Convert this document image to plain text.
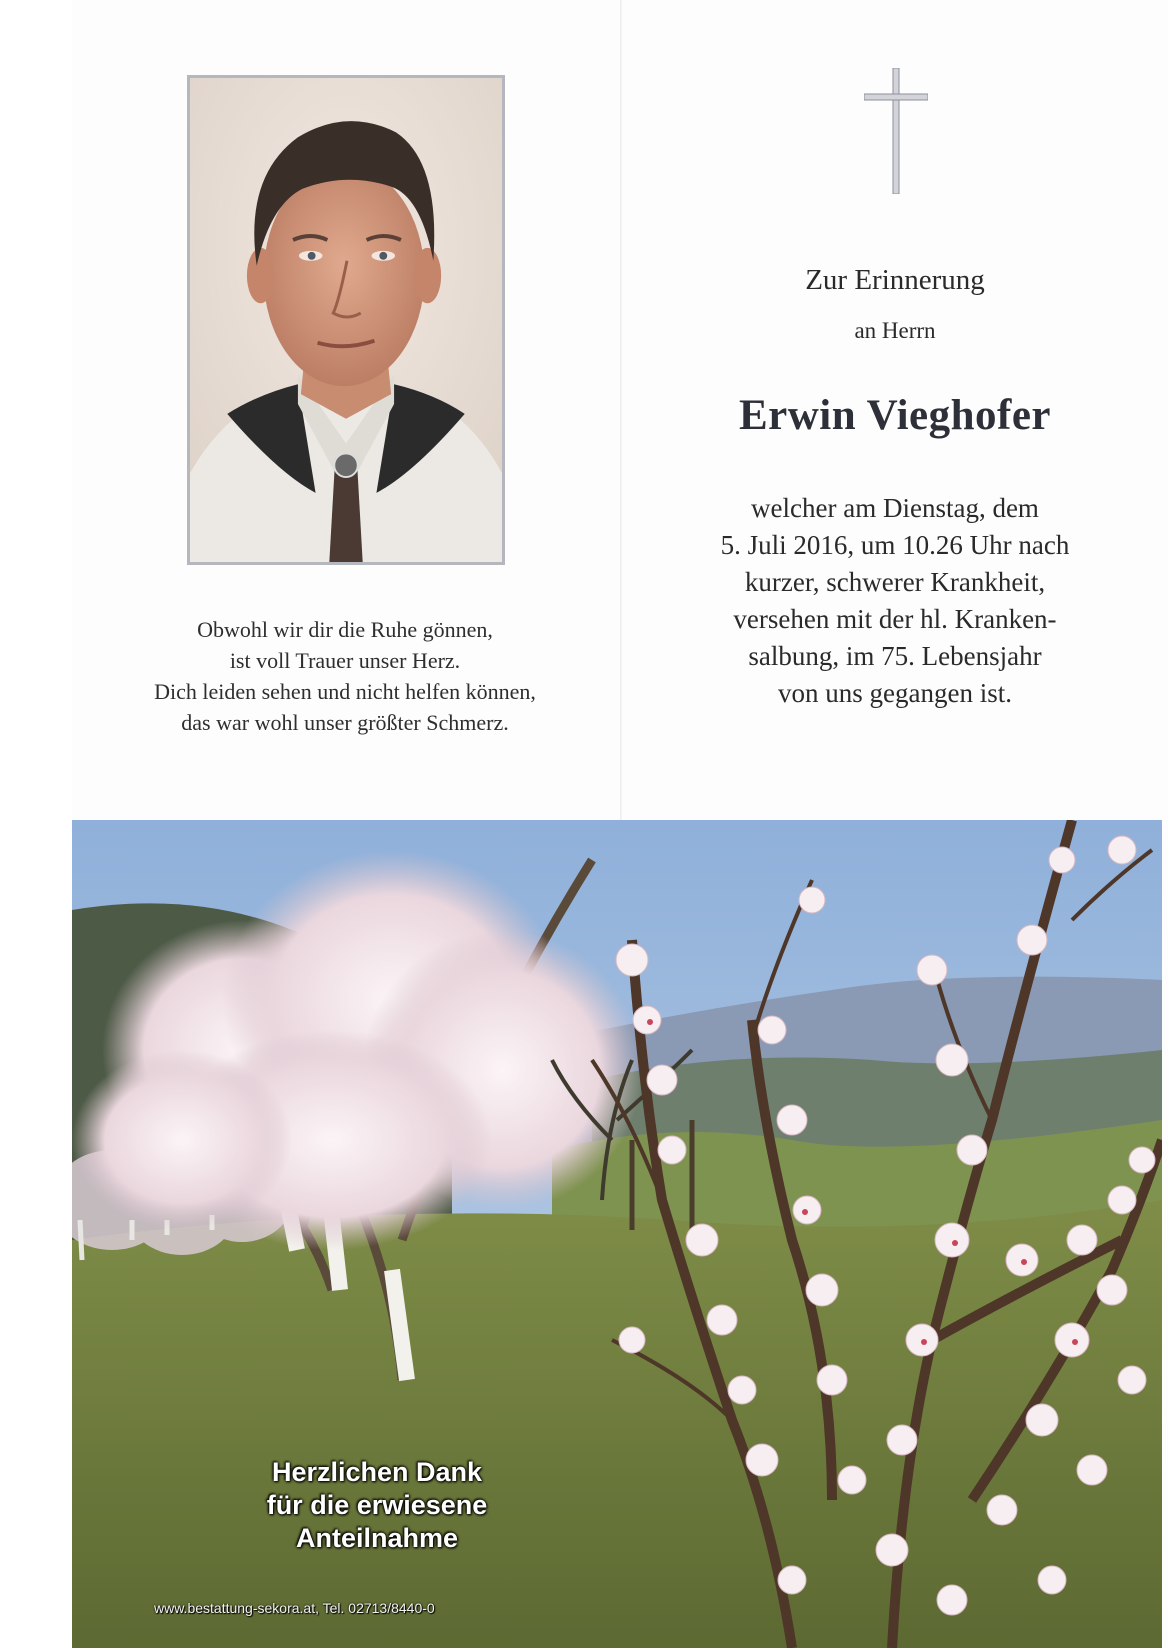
Obwohl wir dir die Ruhe gönnen,
ist voll Trauer unser Herz.
Dich leiden sehen und nicht helfen können,
das war wohl unser größter Schmerz.
Zur Erinnerung
an Herrn
Erwin Vieghofer
welcher am Dienstag, dem
5. Juli 2016, um 10.26 Uhr nach
kurzer, schwerer Krankheit,
versehen mit der hl. Kranken-
salbung, im 75. Lebensjahr
von uns gegangen ist.
Herzlichen Dank
für die erwiesene
Anteilnahme
www.bestattung-sekora.at, Tel. 02713/8440-0
